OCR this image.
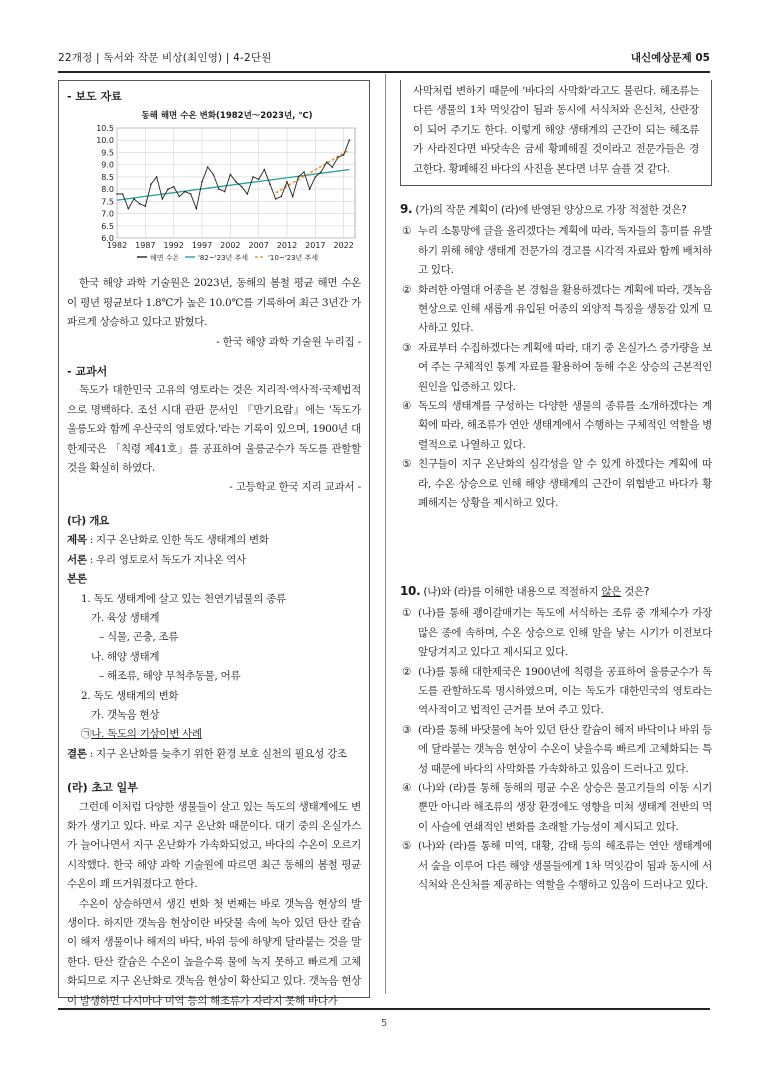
22개정 | 독서와 작문 비상(최인영) | 4-2단원	내신예상문제 05
- 보도 자료
동해 해면 수온 변화(1982년～2023년, ℃)
6.0
6.5
7.0
7.5
8.0
8.5
9.0
9.5
10.0
10.5
1982 1987 1992 1997 2002 2007 2012 2017 2022
해면 수온	'82~'23년 추세	'10~'23년 추세
한국 해양 과학 기술원은 2023년, 동해의 봄철 평균 해면 수온이 평년 평균보다 1.8℃가 높은 10.0℃를 기록하여 최근 3년간 가파르게 상승하고 있다고 밝혔다.
- 한국 해양 과학 기술원 누리집 -
- 교과서
독도가 대한민국 고유의 영토라는 것은 지리적·역사적·국제법적으로 명백하다. 조선 시대 관판 문서인 『만기요람』에는 '독도가 울릉도와 함께 우산국의 영토였다.'라는 기록이 있으며, 1900년 대한제국은 「칙령 제41호」를 공표하여 울릉군수가 독도를 관할할 것을 확실히 하였다.
- 고등학교 한국 지리 교과서 -
(다) 개요
제목 : 지구 온난화로 인한 독도 생태계의 변화
서론 : 우리 영토로서 독도가 지나온 역사
본론
1. 독도 생태계에 살고 있는 천연기념물의 종류
가. 육상 생태계
– 식물, 곤충, 조류
나. 해양 생태계
– 해조류, 해양 무척추동물, 어류
2. 독도 생태계의 변화
가. 갯녹음 현상
㉠나. 독도의 기상이변 사례
결론 : 지구 온난화를 늦추기 위한 환경 보호 실천의 필요성 강조
(라) 초고 일부
그런데 이처럼 다양한 생물들이 살고 있는 독도의 생태계에도 변화가 생기고 있다. 바로 지구 온난화 때문이다. 대기 중의 온실가스가 늘어나면서 지구 온난화가 가속화되었고, 바다의 수온이 오르기 시작했다. 한국 해양 과학 기술원에 따르면 최근 동해의 봄철 평균 수온이 꽤 뜨거워졌다고 한다.
수온이 상승하면서 생긴 변화 첫 번째는 바로 갯녹음 현상의 발생이다. 하지만 갯녹음 현상이란 바닷물 속에 녹아 있던 탄산 칼슘이 해저 생물이나 해저의 바닥, 바위 등에 하얗게 달라붙는 것을 말한다. 탄산 칼슘은 수온이 높을수록 물에 녹지 못하고 빠르게 고체화되므로 지구 온난화로 갯녹음 현상이 확산되고 있다. 갯녹음 현상이 발생하면 다시마나 미역 등의 해조류가 자라지 못해 바다가
사막처럼 변하기 때문에 '바다의 사막화'라고도 불린다. 해조류는 다른 생물의 1차 먹잇감이 됨과 동시에 서식처와 은신처, 산란장이 되어 주기도 한다. 이렇게 해양 생태계의 근간이 되는 해조류가 사라진다면 바닷속은 금세 황폐해질 것이라고 전문가들은 경고한다. 황폐해진 바다의 사진을 본다면 너무 슬플 것 같다.
9. (가)의 작문 계획이 (라)에 반영된 양상으로 가장 적절한 것은?
① 누리 소통망에 글을 올리겠다는 계획에 따라, 독자들의 흥미를 유발하기 위해 해양 생태계 전문가의 경고를 시각적 자료와 함께 배치하고 있다.
② 화려한 아열대 어종을 본 경험을 활용하겠다는 계획에 따라, 갯녹음 현상으로 인해 새롭게 유입된 어종의 외양적 특징을 생동감 있게 묘사하고 있다.
③ 자료부터 수집하겠다는 계획에 따라, 대기 중 온실가스 증가량을 보여 주는 구체적인 통계 자료를 활용하여 동해 수온 상승의 근본적인 원인을 입증하고 있다.
④ 독도의 생태계를 구성하는 다양한 생물의 종류를 소개하겠다는 계획에 따라, 해조류가 연안 생태계에서 수행하는 구체적인 역할을 병렬적으로 나열하고 있다.
⑤ 친구들이 지구 온난화의 심각성을 알 수 있게 하겠다는 계획에 따라, 수온 상승으로 인해 해양 생태계의 근간이 위협받고 바다가 황폐해지는 상황을 제시하고 있다.
10. (나)와 (라)를 이해한 내용으로 적절하지 않은 것은?
① (나)를 통해 괭이갈매기는 독도에 서식하는 조류 중 개체수가 가장 많은 종에 속하며, 수온 상승으로 인해 알을 낳는 시기가 이전보다 앞당겨지고 있다고 제시되고 있다.
② (나)를 통해 대한제국은 1900년에 칙령을 공표하여 울릉군수가 독도를 관할하도록 명시하였으며, 이는 독도가 대한민국의 영토라는 역사적이고 법적인 근거를 보여 주고 있다.
③ (라)를 통해 바닷물에 녹아 있던 탄산 칼슘이 해저 바닥이나 바위 등에 달라붙는 갯녹음 현상이 수온이 낮을수록 빠르게 고체화되는 특성 때문에 바다의 사막화를 가속화하고 있음이 드러나고 있다.
④ (나)와 (라)를 통해 동해의 평균 수온 상승은 물고기들의 이동 시기뿐만 아니라 해조류의 생장 환경에도 영향을 미쳐 생태계 전반의 먹이 사슬에 연쇄적인 변화를 초래할 가능성이 제시되고 있다.
⑤ (나)와 (라)를 통해 미역, 대황, 감태 등의 해조류는 연안 생태계에서 숲을 이루어 다른 해양 생물들에게 1차 먹잇감이 됨과 동시에 서식처와 은신처를 제공하는 역할을 수행하고 있음이 드러나고 있다.
5
